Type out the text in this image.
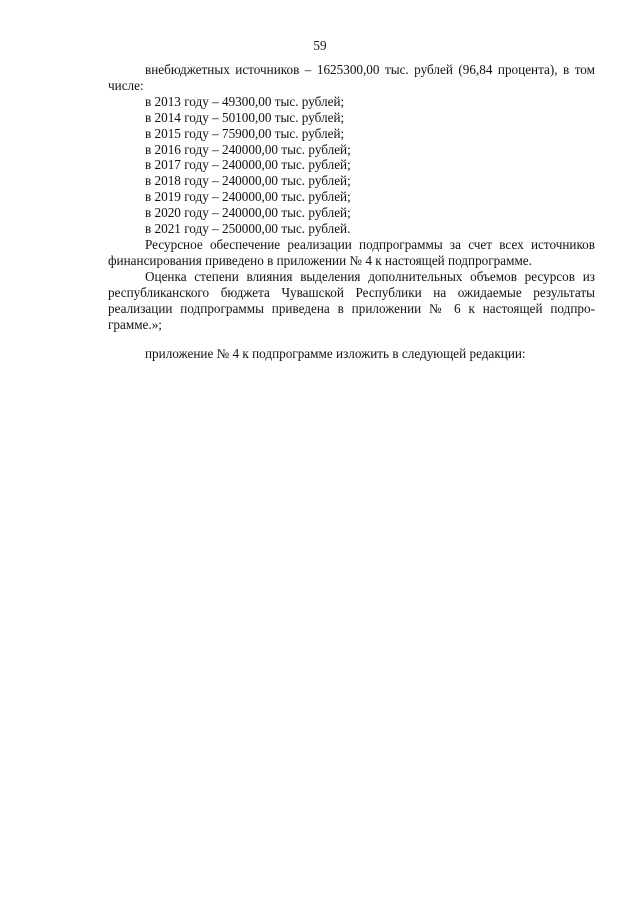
59

внебюджетных источников – 1625300,00 тыс. рублей (96,84 процента), в том числе:

в 2013 году – 49300,00 тыс. рублей;

в 2014 году – 50100,00 тыс. рублей;

в 2015 году – 75900,00 тыс. рублей;

в 2016 году – 240000,00 тыс. рублей;

в 2017 году – 240000,00 тыс. рублей;

в 2018 году – 240000,00 тыс. рублей;

в 2019 году – 240000,00 тыс. рублей;

в 2020 году – 240000,00 тыс. рублей;

в 2021 году – 250000,00 тыс. рублей.

Ресурсное обеспечение реализации подпрограммы за счет всех источников финансирования приведено в приложении № 4 к настоящей подпрограмме.

Оценка степени влияния выделения дополнительных объемов ресурсов из республиканского бюджета Чувашской Республики на ожидаемые результаты реализации подпрограммы приведена в приложении № 6 к настоящей подпрограмме.»;

приложение № 4 к подпрограмме изложить в следующей редакции:
